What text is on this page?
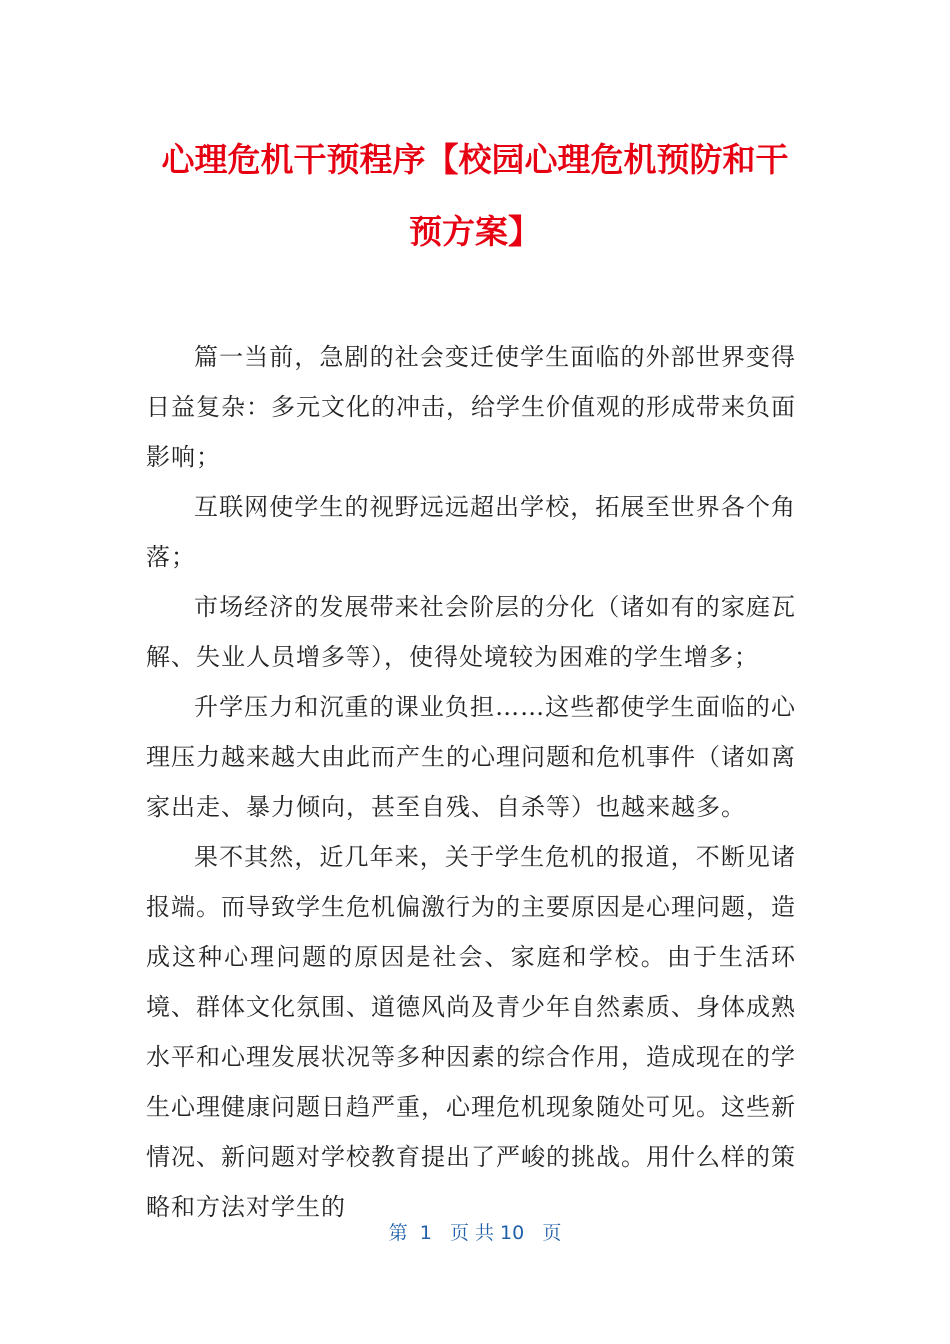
心理危机干预程序【校园心理危机预防和干
预方案】

篇一当前，急剧的社会变迁使学生面临的外部世界变得日益复杂：多元文化的冲击，给学生价值观的形成带来负面影响；

互联网使学生的视野远远超出学校，拓展至世界各个角落；

市场经济的发展带来社会阶层的分化（诸如有的家庭瓦解、失业人员增多等），使得处境较为困难的学生增多；

升学压力和沉重的课业负担……这些都使学生面临的心理压力越来越大由此而产生的心理问题和危机事件（诸如离家出走、暴力倾向，甚至自残、自杀等）也越来越多。

果不其然，近几年来，关于学生危机的报道，不断见诸报端。而导致学生危机偏激行为的主要原因是心理问题，造成这种心理问题的原因是社会、家庭和学校。由于生活环境、群体文化氛围、道德风尚及青少年自然素质、身体成熟水平和心理发展状况等多种因素的综合作用，造成现在的学生心理健康问题日趋严重，心理危机现象随处可见。这些新情况、新问题对学校教育提出了严峻的挑战。用什么样的策略和方法对学生的

第  1   页 共 10   页
